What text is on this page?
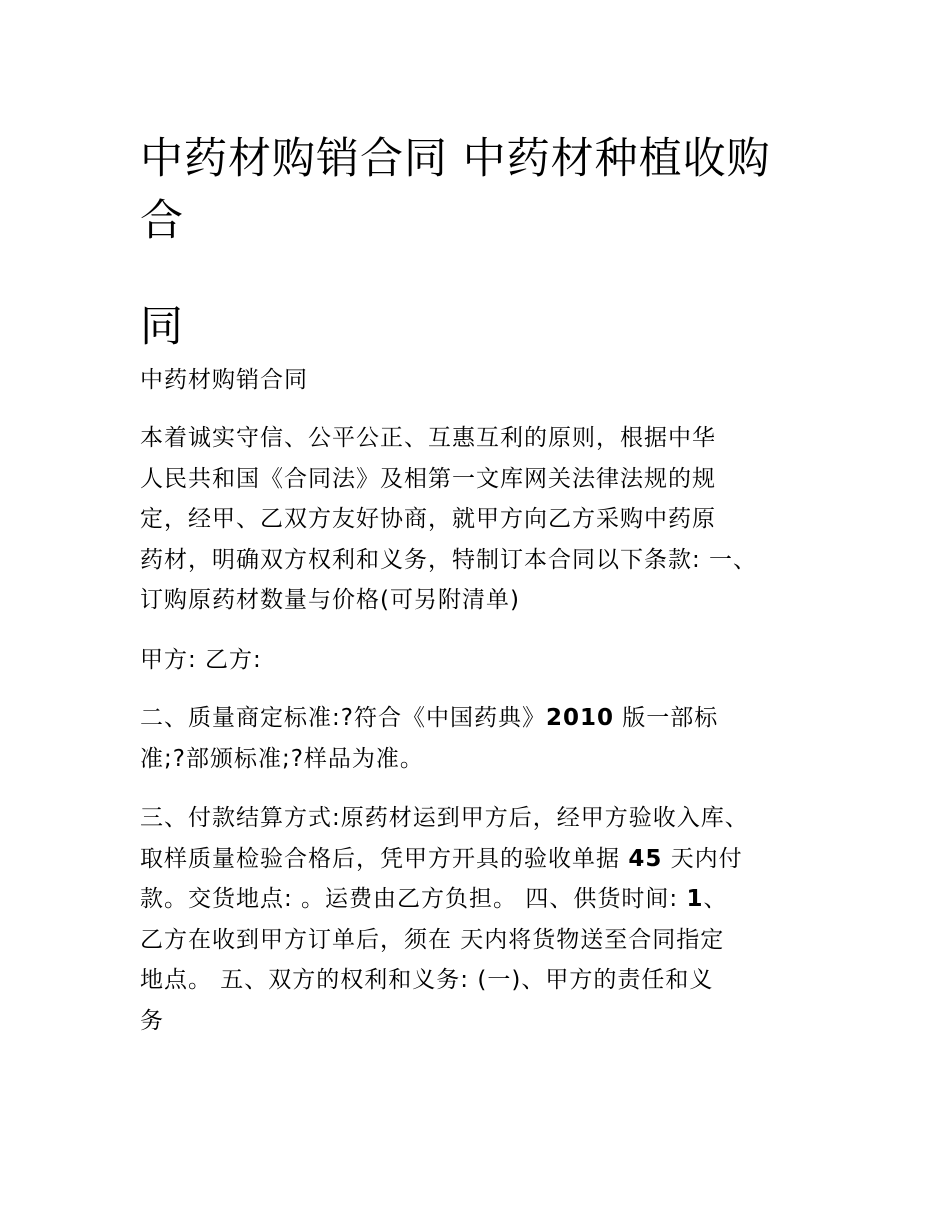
中药材购销合同 中药材种植收购
合
同

中药材购销合同

本着诚实守信、公平公正、互惠互利的原则，根据中华
人民共和国《合同法》及相第一文库网关法律法规的规
定，经甲、乙双方友好协商，就甲方向乙方采购中药原
药材，明确双方权利和义务，特制订本合同以下条款: 一、
订购原药材数量与价格(可另附清单)

甲方: 乙方:

二、质量商定标准:?符合《中国药典》2010 版一部标
准;?部颁标准;?样品为准。

三、付款结算方式:原药材运到甲方后，经甲方验收入库、
取样质量检验合格后，凭甲方开具的验收单据 45 天内付
款。交货地点: 。运费由乙方负担。 四、供货时间: 1、
乙方在收到甲方订单后，须在 天内将货物送至合同指定
地点。 五、双方的权利和义务: (一)、甲方的责任和义
务
